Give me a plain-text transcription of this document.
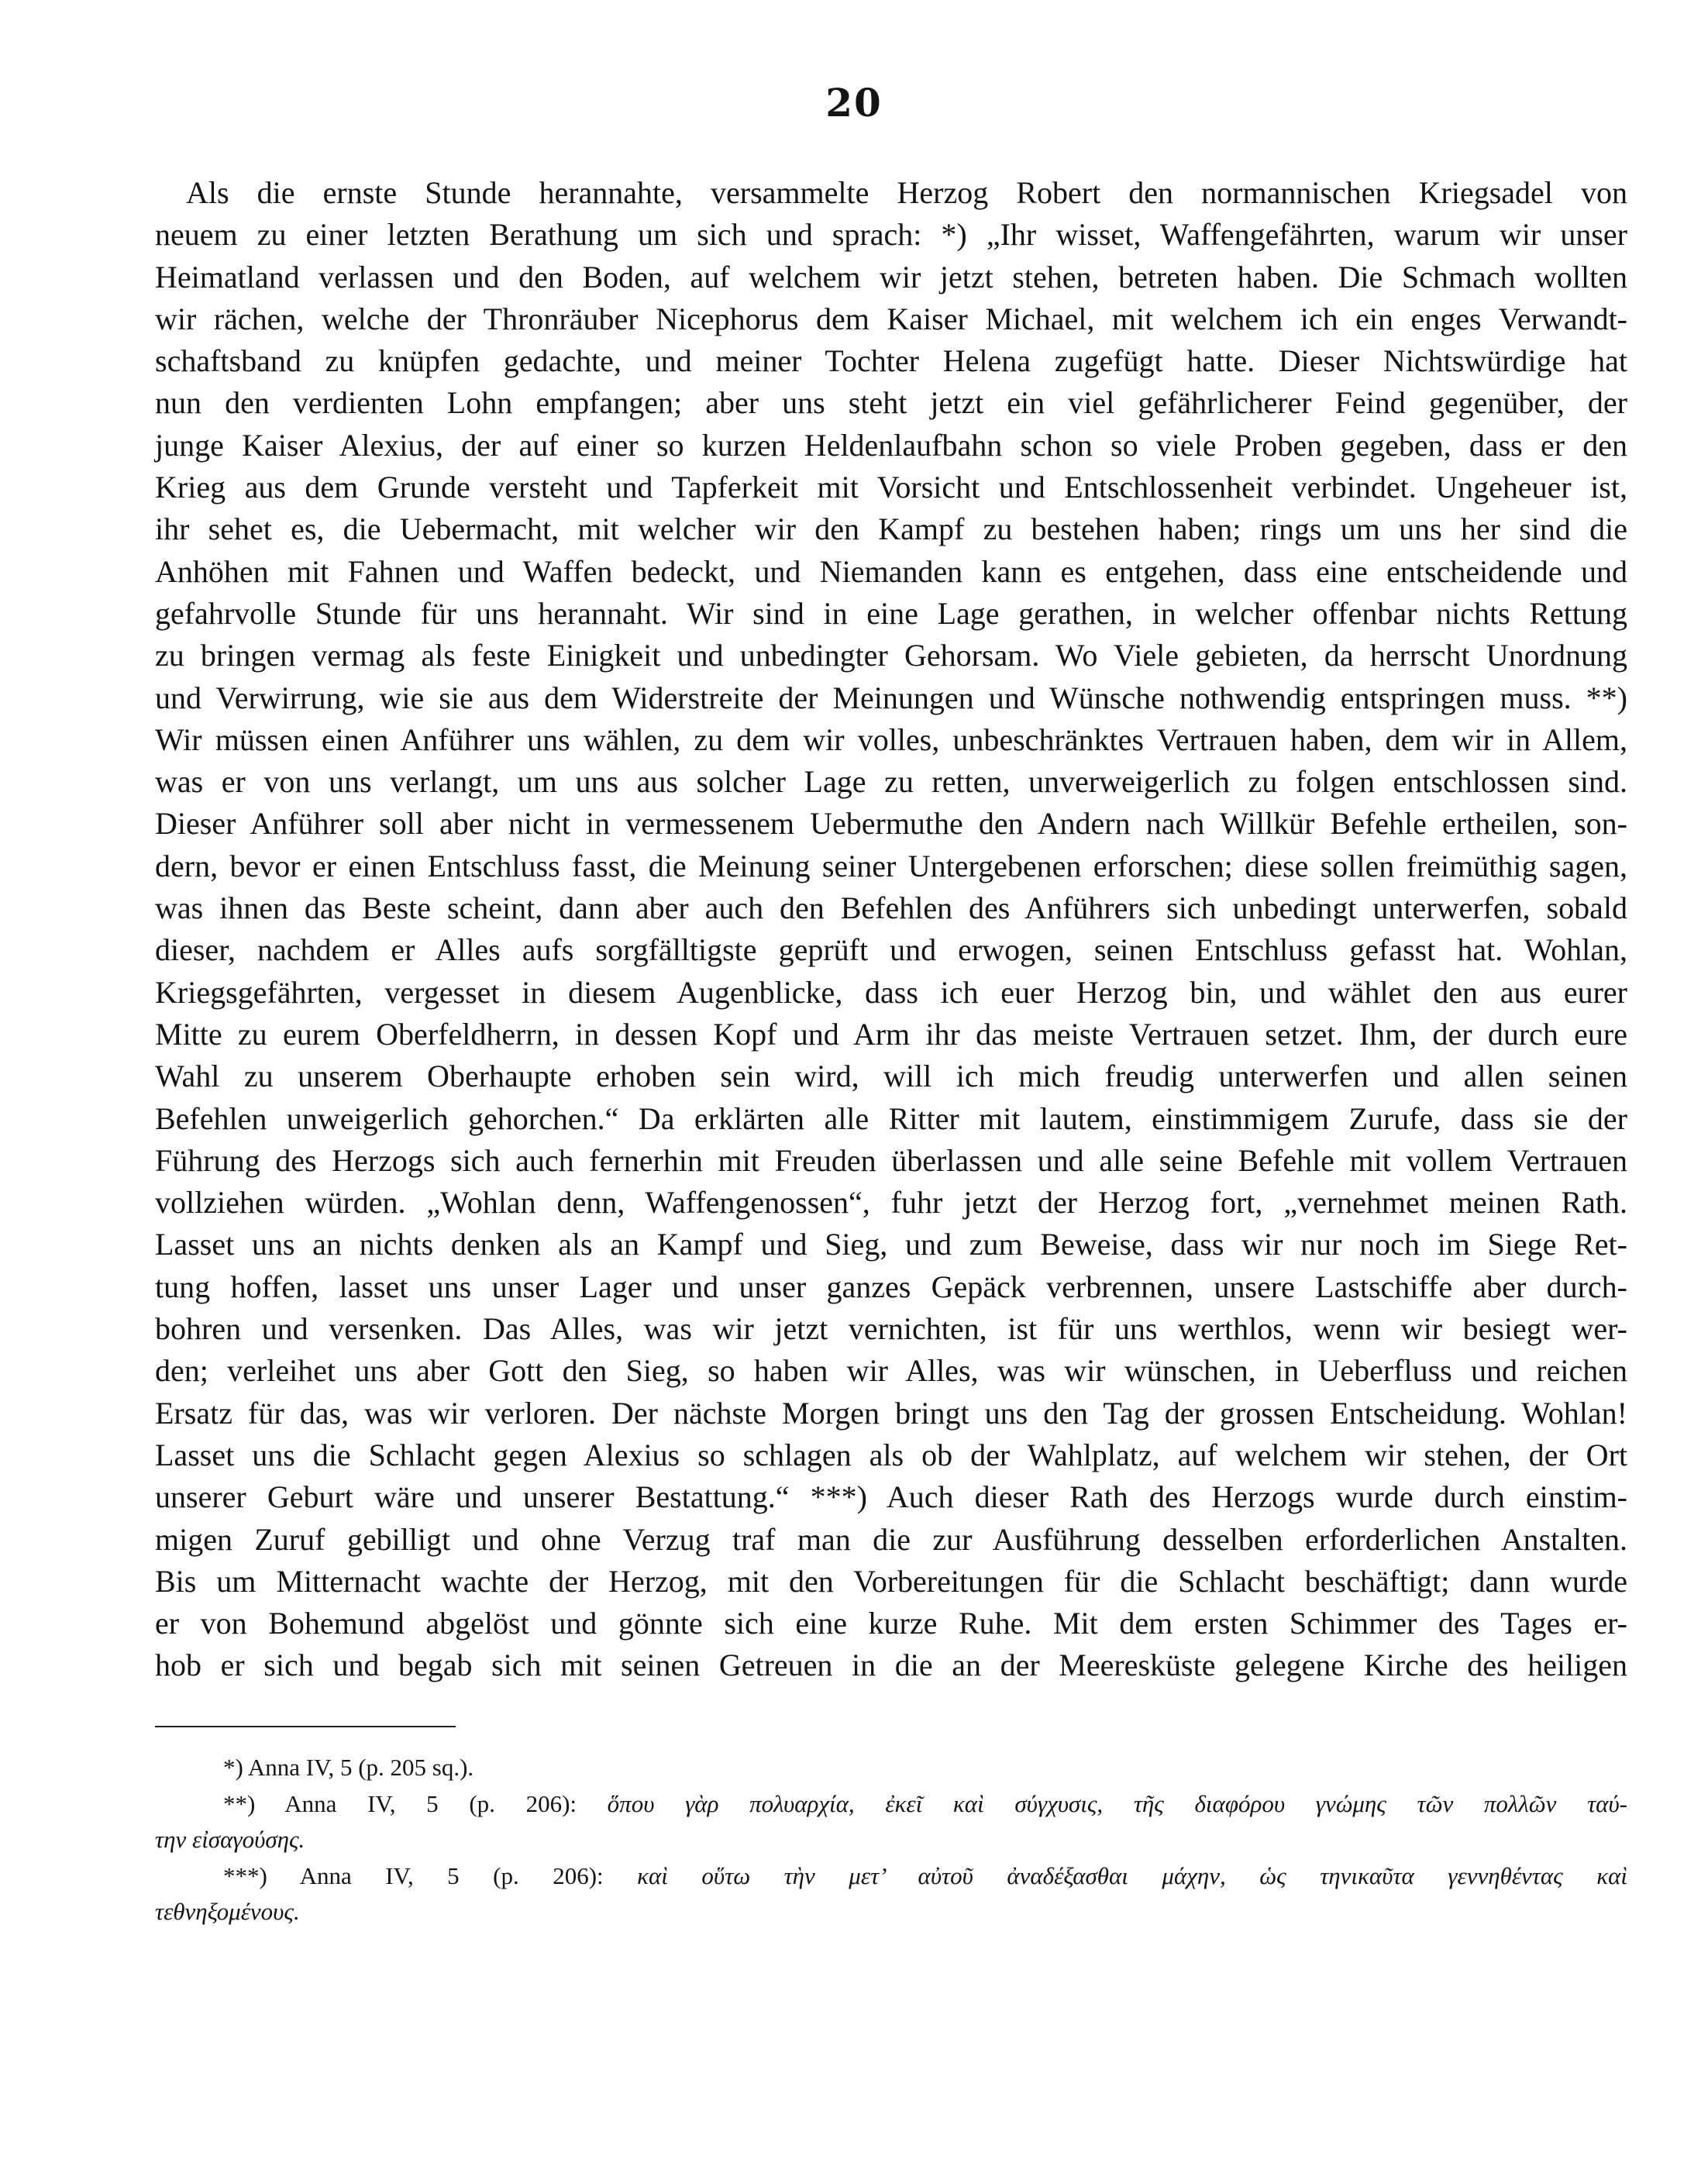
20
Als die ernste Stunde herannahte, versammelte Herzog Robert den normannischen Kriegsadel von
neuem zu einer letzten Berathung um sich und sprach: *) „Ihr wisset, Waffengefährten, warum wir unser
Heimatland verlassen und den Boden, auf welchem wir jetzt stehen, betreten haben. Die Schmach wollten
wir rächen, welche der Thronräuber Nicephorus dem Kaiser Michael, mit welchem ich ein enges Verwandt-
schaftsband zu knüpfen gedachte, und meiner Tochter Helena zugefügt hatte. Dieser Nichtswürdige hat
nun den verdienten Lohn empfangen; aber uns steht jetzt ein viel gefährlicherer Feind gegenüber, der
junge Kaiser Alexius, der auf einer so kurzen Heldenlaufbahn schon so viele Proben gegeben, dass er den
Krieg aus dem Grunde versteht und Tapferkeit mit Vorsicht und Entschlossenheit verbindet. Ungeheuer ist,
ihr sehet es, die Uebermacht, mit welcher wir den Kampf zu bestehen haben; rings um uns her sind die
Anhöhen mit Fahnen und Waffen bedeckt, und Niemanden kann es entgehen, dass eine entscheidende und
gefahrvolle Stunde für uns herannaht. Wir sind in eine Lage gerathen, in welcher offenbar nichts Rettung
zu bringen vermag als feste Einigkeit und unbedingter Gehorsam. Wo Viele gebieten, da herrscht Unordnung
und Verwirrung, wie sie aus dem Widerstreite der Meinungen und Wünsche nothwendig entspringen muss. **)
Wir müssen einen Anführer uns wählen, zu dem wir volles, unbeschränktes Vertrauen haben, dem wir in Allem,
was er von uns verlangt, um uns aus solcher Lage zu retten, unverweigerlich zu folgen entschlossen sind.
Dieser Anführer soll aber nicht in vermessenem Uebermuthe den Andern nach Willkür Befehle ertheilen, son-
dern, bevor er einen Entschluss fasst, die Meinung seiner Untergebenen erforschen; diese sollen freimüthig sagen,
was ihnen das Beste scheint, dann aber auch den Befehlen des Anführers sich unbedingt unterwerfen, sobald
dieser, nachdem er Alles aufs sorgfälltigste geprüft und erwogen, seinen Entschluss gefasst hat. Wohlan,
Kriegsgefährten, vergesset in diesem Augenblicke, dass ich euer Herzog bin, und wählet den aus eurer
Mitte zu eurem Oberfeldherrn, in dessen Kopf und Arm ihr das meiste Vertrauen setzet. Ihm, der durch eure
Wahl zu unserem Oberhaupte erhoben sein wird, will ich mich freudig unterwerfen und allen seinen
Befehlen unweigerlich gehorchen.“ Da erklärten alle Ritter mit lautem, einstimmigem Zurufe, dass sie der
Führung des Herzogs sich auch fernerhin mit Freuden überlassen und alle seine Befehle mit vollem Vertrauen
vollziehen würden. „Wohlan denn, Waffengenossen“, fuhr jetzt der Herzog fort, „vernehmet meinen Rath.
Lasset uns an nichts denken als an Kampf und Sieg, und zum Beweise, dass wir nur noch im Siege Ret-
tung hoffen, lasset uns unser Lager und unser ganzes Gepäck verbrennen, unsere Lastschiffe aber durch-
bohren und versenken. Das Alles, was wir jetzt vernichten, ist für uns werthlos, wenn wir besiegt wer-
den; verleihet uns aber Gott den Sieg, so haben wir Alles, was wir wünschen, in Ueberfluss und reichen
Ersatz für das, was wir verloren. Der nächste Morgen bringt uns den Tag der grossen Entscheidung. Wohlan!
Lasset uns die Schlacht gegen Alexius so schlagen als ob der Wahlplatz, auf welchem wir stehen, der Ort
unserer Geburt wäre und unserer Bestattung.“ ***) Auch dieser Rath des Herzogs wurde durch einstim-
migen Zuruf gebilligt und ohne Verzug traf man die zur Ausführung desselben erforderlichen Anstalten.
Bis um Mitternacht wachte der Herzog, mit den Vorbereitungen für die Schlacht beschäftigt; dann wurde
er von Bohemund abgelöst und gönnte sich eine kurze Ruhe. Mit dem ersten Schimmer des Tages er-
hob er sich und begab sich mit seinen Getreuen in die an der Meeresküste gelegene Kirche des heiligen
*) Anna IV, 5 (p. 205 sq.).
**) Anna IV, 5 (p. 206): ὅπου γὰρ πολυαρχία, ἐκεῖ καὶ σύγχυσις, τῆς διαφόρου γνώμης τῶν πολλῶν ταύ-
την εἰσαγούσης.
***) Anna IV, 5 (p. 206): καὶ οὕτω τὴν μετ’ αὐτοῦ ἀναδέξασθαι μάχην, ὡς τηνικαῦτα γεννηθέντας καὶ
τεθνηξομένους.
